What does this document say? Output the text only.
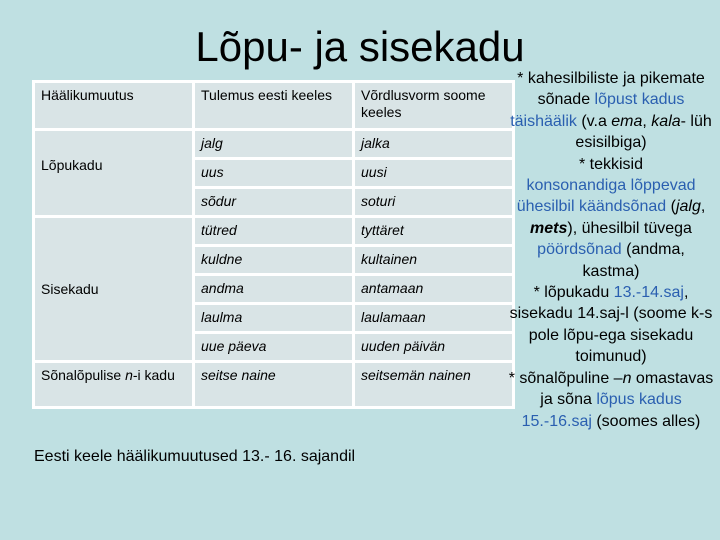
Lõpu- ja sisekadu
Häälikumuutus	Tulemus eesti keeles	Võrdlusvorm soome keeles

Lõpukadu	jalg	jalka
	uus	uusi
	sõdur	soturi
Sisekadu	tütred	tyttäret
	kuldne	kultainen
	andma	antamaan
	laulma	laulamaan
	uue päeva	uuden päivän
Sõnalõpulise n-i kadu	seitse naine	seitsemän nainen
Eesti keele häälikumuutused 13.- 16. sajandil
* kahesilbiliste ja pikemate sõnade lõpust kadus täishäälik (v.a ema, kala- lüh esisilbiga)
* tekkisid
konsonandiga lõppevad ühesilbil käändsõnad (jalg, mets), ühesilbil tüvega pöördsõnad (andma, kastma)
* lõpukadu 13.-14.saj, sisekadu 14.saj-l (soome k-s pole lõpu-ega sisekadu toimunud)
* sõnalõpuline –n omastavas ja sõna lõpus kadus 15.-16.saj (soomes alles)
